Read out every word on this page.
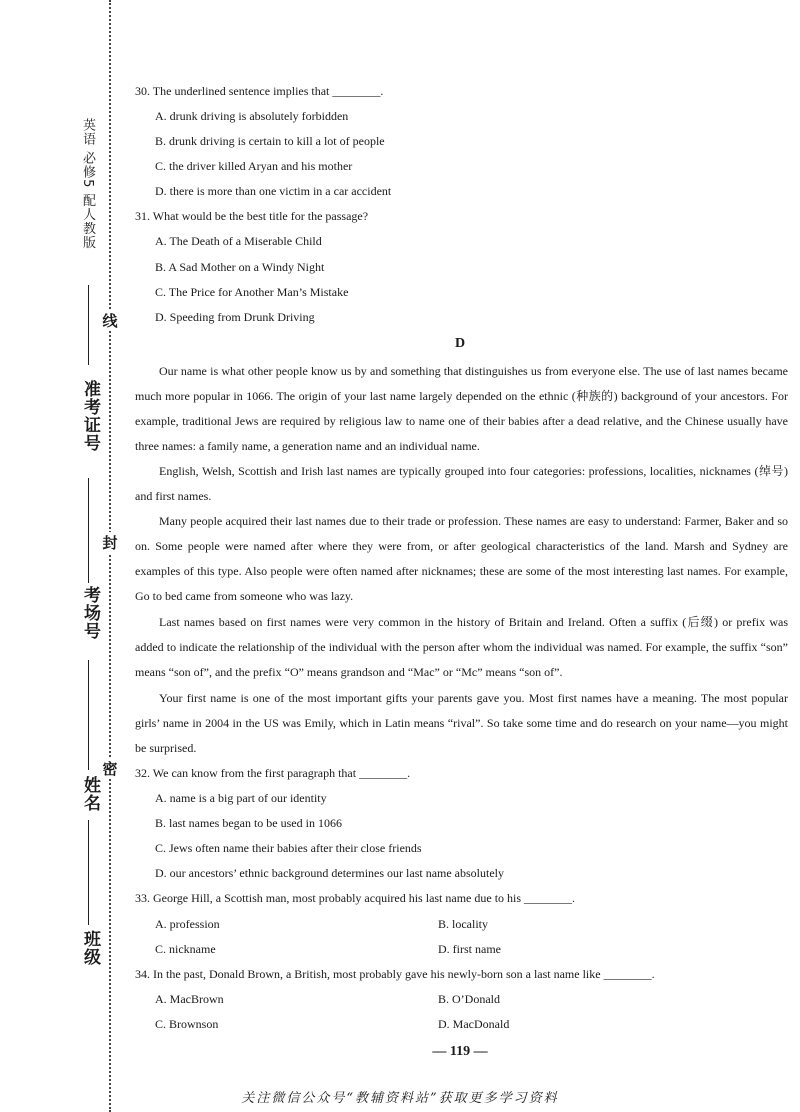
英语 必修5 配人教版
准考证号
考场号
姓名
班级
线
封
密
30. The underlined sentence implies that ________.
A. drunk driving is absolutely forbidden
B. drunk driving is certain to kill a lot of people
C. the driver killed Aryan and his mother
D. there is more than one victim in a car accident
31. What would be the best title for the passage?
A. The Death of a Miserable Child
B. A Sad Mother on a Windy Night
C. The Price for Another Man’s Mistake
D. Speeding from Drunk Driving
D
Our name is what other people know us by and something that distinguishes us from everyone else. The use of last names became much more popular in 1066. The origin of your last name largely depended on the ethnic (种族的) background of your ancestors. For example, traditional Jews are required by religious law to name one of their babies after a dead relative, and the Chinese usually have three names: a family name, a generation name and an individual name.
English, Welsh, Scottish and Irish last names are typically grouped into four categories: professions, localities, nicknames (绰号) and first names.
Many people acquired their last names due to their trade or profession. These names are easy to understand: Farmer, Baker and so on. Some people were named after where they were from, or after geological characteristics of the land. Marsh and Sydney are examples of this type. Also people were often named after nicknames; these are some of the most interesting last names. For example, Go to bed came from someone who was lazy.
Last names based on first names were very common in the history of Britain and Ireland. Often a suffix (后缀) or prefix was added to indicate the relationship of the individual with the person after whom the individual was named. For example, the suffix “son” means “son of”, and the prefix “O” means grandson and “Mac” or “Mc” means “son of”.
Your first name is one of the most important gifts your parents gave you. Most first names have a meaning. The most popular girls’ name in 2004 in the US was Emily, which in Latin means “rival”. So take some time and do research on your name—you might be surprised.
32. We can know from the first paragraph that ________.
A. name is a big part of our identity
B. last names began to be used in 1066
C. Jews often name their babies after their close friends
D. our ancestors’ ethnic background determines our last name absolutely
33. George Hill, a Scottish man, most probably acquired his last name due to his ________.
A. profession	B. locality
C. nickname	D. first name
34. In the past, Donald Brown, a British, most probably gave his newly-born son a last name like ________.
A. MacBrown	B. O’Donald
C. Brownson	D. MacDonald
— 119 —
关注微信公众号“教辅资料站”获取更多学习资料
